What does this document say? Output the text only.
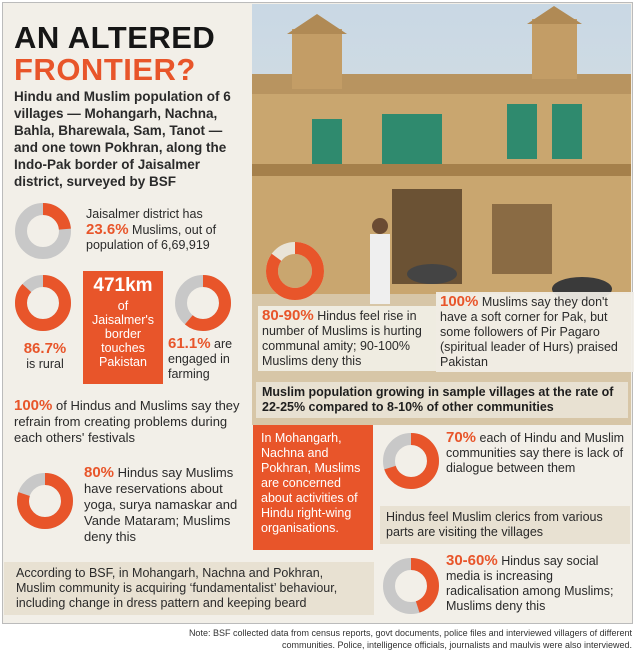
AN ALTERED
FRONTIER?
Hindu and Muslim population of 6 villages — Mohangarh, Nachna, Bahla, Bharewala, Sam, Tanot — and one town Pokhran, along the Indo-Pak border of Jaisalmer district, surveyed by BSF
Jaisalmer district has 23.6% Muslims, out of population of 6,69,919
86.7%
is rural
471km
of Jaisalmer's border touches Pakistan
61.1% are engaged in farming
100% of Hindus and Muslims say they refrain from creating problems during each others' festivals
80% Hindus say Muslims have reservations about yoga, surya namaskar and Vande Mataram; Muslims deny this
According to BSF, in Mohangarh, Nachna and Pokhran, Muslim community is acquiring ‘fundamentalist’ behaviour, including change in dress pattern and keeping beard
80-90% Hindus feel rise in number of Muslims is hurting communal amity; 90-100% Muslims deny this
100% Muslims say they don't have a soft corner for Pak, but some followers of Pir Pagaro (spiritual leader of Hurs) praised Pakistan
Muslim population growing in sample villages at the rate of 22-25% compared to 8-10% of other communities
In Mohangarh, Nachna and Pokhran, Muslims are concerned about activities of Hindu right-wing organisations.
70% each of Hindu and Muslim communities say there is lack of dialogue between them
Hindus feel Muslim clerics from various parts are visiting the villages
30-60% Hindus say social media is increasing radicalisation among Muslims; Muslims deny this
Note: BSF collected data from census reports, govt documents, police files and interviewed villagers of different communities. Police, intelligence officials, journalists and maulvis were also interviewed.
